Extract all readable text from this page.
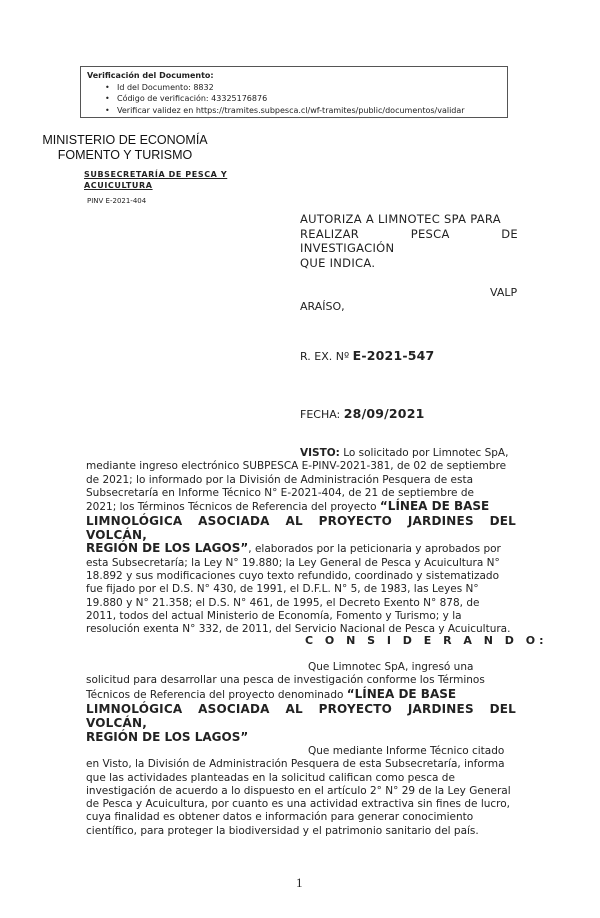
Verificación del Documento:
• Id del Documento: 8832
• Código de verificación: 43325176876
• Verificar validez en https://tramites.subpesca.cl/wf-tramites/public/documentos/validar
MINISTERIO DE ECONOMÍA
FOMENTO Y TURISMO
SUBSECRETARÍA DE PESCA Y
ACUICULTURA
PINV E-2021-404
AUTORIZA A LIMNOTEC SPA PARA
REALIZAR PESCA DE INVESTIGACIÓN
QUE INDICA.
VALP
ARAÍSO,
R. EX. Nº E-2021-547
FECHA: 28/09/2021
VISTO: Lo solicitado por Limnotec SpA,
mediante ingreso electrónico SUBPESCA E-PINV-2021-381, de 02 de septiembre
de 2021; lo informado por la División de Administración Pesquera de esta
Subsecretaría en Informe Técnico N° E-2021-404, de 21 de septiembre de
2021; los Términos Técnicos de Referencia del proyecto “LÍNEA DE BASE
LIMNOLÓGICA ASOCIADA AL PROYECTO JARDINES DEL VOLCÁN,
REGIÓN DE LOS LAGOS”, elaborados por la peticionaria y aprobados por
esta Subsecretaría; la Ley N° 19.880; la Ley General de Pesca y Acuicultura N°
18.892 y sus modificaciones cuyo texto refundido, coordinado y sistematizado
fue fijado por el D.S. N° 430, de 1991, el D.F.L. N° 5, de 1983, las Leyes N°
19.880 y N° 21.358; el D.S. N° 461, de 1995, el Decreto Exento N° 878, de
2011, todos del actual Ministerio de Economía, Fomento y Turismo; y la
resolución exenta N° 332, de 2011, del Servicio Nacional de Pesca y Acuicultura.
C O N S I D E R A N D O:
Que Limnotec SpA, ingresó una
solicitud para desarrollar una pesca de investigación conforme los Términos
Técnicos de Referencia del proyecto denominado “LÍNEA DE BASE
LIMNOLÓGICA ASOCIADA AL PROYECTO JARDINES DEL VOLCÁN,
REGIÓN DE LOS LAGOS”
Que mediante Informe Técnico citado
en Visto, la División de Administración Pesquera de esta Subsecretaría, informa
que las actividades planteadas en la solicitud califican como pesca de
investigación de acuerdo a lo dispuesto en el artículo 2° N° 29 de la Ley General
de Pesca y Acuicultura, por cuanto es una actividad extractiva sin fines de lucro,
cuya finalidad es obtener datos e información para generar conocimiento
científico, para proteger la biodiversidad y el patrimonio sanitario del país.
1
